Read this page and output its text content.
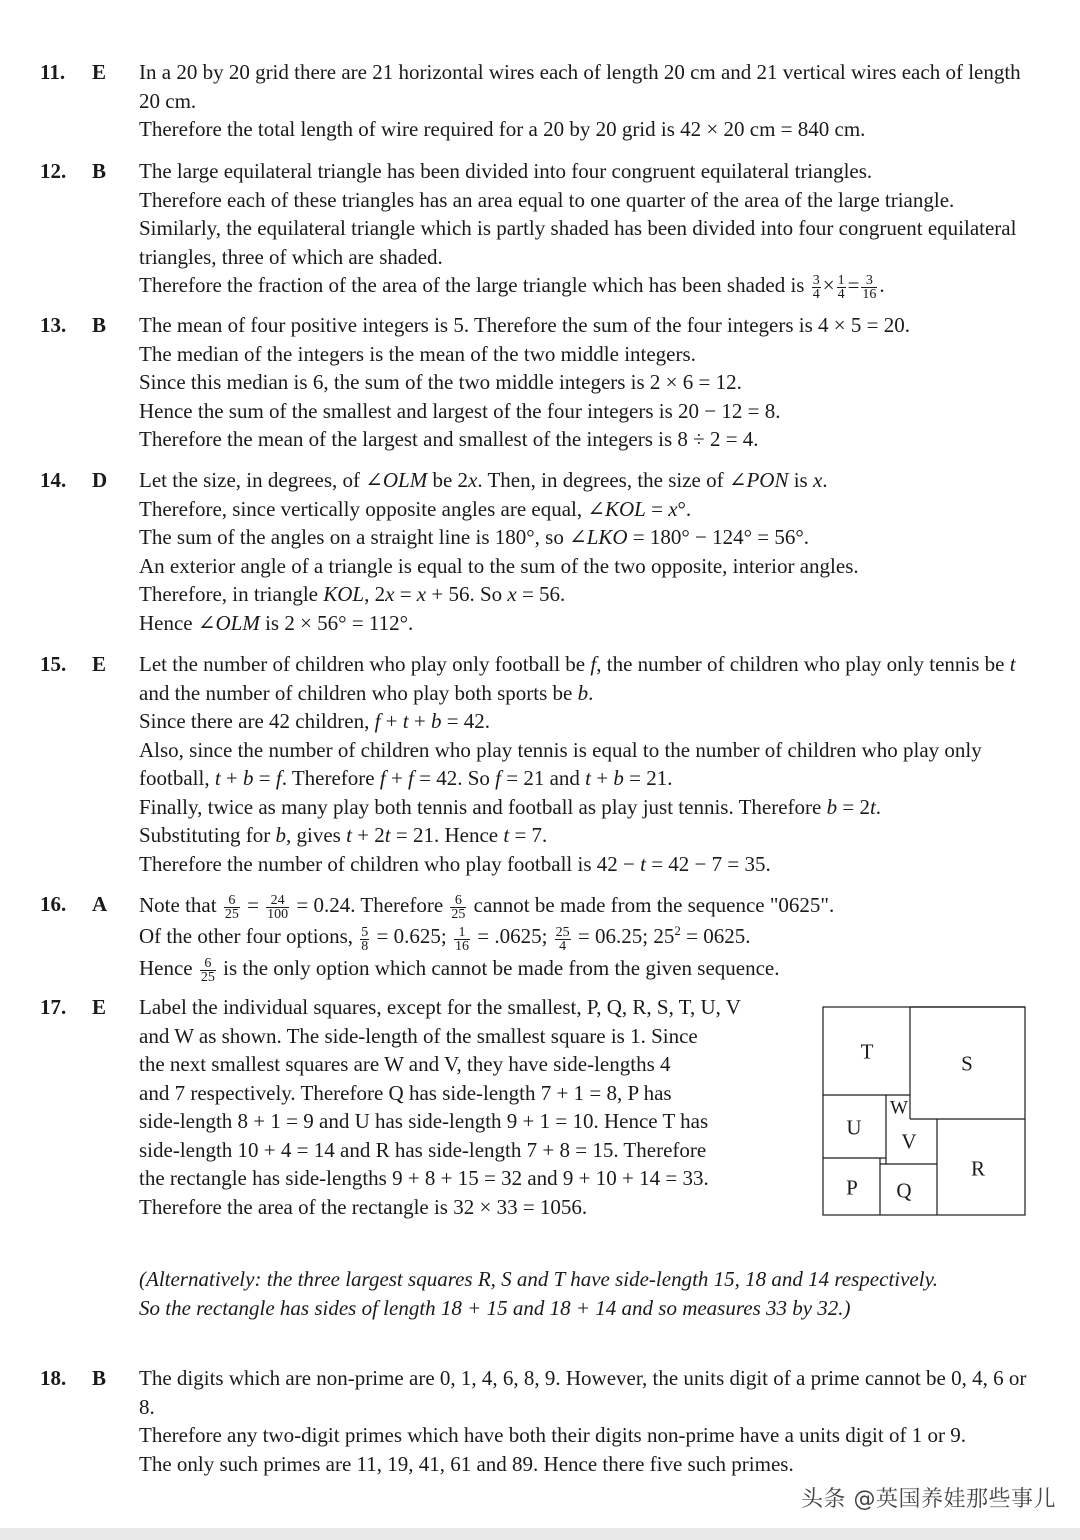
11.	E	In a 20 by 20 grid there are 21 horizontal wires each of length 20 cm and 21 vertical wires each of length 20 cm.
Therefore the total length of wire required for a 20 by 20 grid is 42 × 20 cm = 840 cm.
12.	B	The large equilateral triangle has been divided into four congruent equilateral triangles.
Therefore each of these triangles has an area equal to one quarter of the area of the large triangle.
Similarly, the equilateral triangle which is partly shaded has been divided into four congruent equilateral triangles, three of which are shaded.
Therefore the fraction of the area of the large triangle which has been shaded is $\frac{3}{4} \times \frac{1}{4} = \frac{3}{16}$ .
13.	B	The mean of four positive integers is 5. Therefore the sum of the four integers is 4 × 5 = 20.
The median of the integers is the mean of the two middle integers.
Since this median is 6, the sum of the two middle integers is 2 × 6 = 12.
Hence the sum of the smallest and largest of the four integers is 20 − 12 = 8.
Therefore the mean of the largest and smallest of the integers is 8 ÷ 2 = 4.
14.	D	Let the size, in degrees, of ∠OLM be 2x. Then, in degrees, the size of ∠PON is x.
Therefore, since vertically opposite angles are equal, ∠KOL = x°.
The sum of the angles on a straight line is 180°, so ∠LKO = 180° − 124° = 56°.
An exterior angle of a triangle is equal to the sum of the two opposite, interior angles.
Therefore, in triangle KOL, 2x = x + 56. So x = 56.
Hence ∠OLM is 2 × 56° = 112°.
15.	E	Let the number of children who play only football be f, the number of children who play only tennis be t and the number of children who play both sports be b.
Since there are 42 children, f + t + b = 42.
Also, since the number of children who play tennis is equal to the number of children who play only football, t + b = f. Therefore f + f = 42. So f = 21 and t + b = 21.
Finally, twice as many play both tennis and football as play just tennis. Therefore b = 2t.
Substituting for b, gives t + 2t = 21. Hence t = 7.
Therefore the number of children who play football is 42 − t = 42 − 7 = 35.
16.	A	Note that $\frac{6}{25} = \frac{24}{100} = 0.24$. Therefore $\frac{6}{25}$ cannot be made from the sequence "0625".
Of the other four options, $\frac{5}{8} = 0.625$; $\frac{1}{16} = .0625$; $\frac{25}{4} = 06.25$; $25^2 = 0625$.
Hence $\frac{6}{25}$ is the only option which cannot be made from the given sequence.
17.	E	Label the individual squares, except for the smallest, P, Q, R, S, T, U, V
and W as shown. The side-length of the smallest square is 1. Since
the next smallest squares are W and V, they have side-lengths 4
and 7 respectively. Therefore Q has side-length 7 + 1 = 8, P has
side-length 8 + 1 = 9 and U has side-length 9 + 1 = 10. Hence T has
side-length 10 + 4 = 14 and R has side-length 7 + 8 = 15. Therefore
the rectangle has side-lengths 9 + 8 + 15 = 32 and 9 + 10 + 14 = 33.
Therefore the area of the rectangle is 32 × 33 = 1056.
T	S
U
W
V
R
P Q
(Alternatively: the three largest squares R, S and T have side-length 15, 18 and 14 respectively.
So the rectangle has sides of length 18 + 15 and 18 + 14 and so measures 33 by 32.)
18.	B	The digits which are non-prime are 0, 1, 4, 6, 8, 9. However, the units digit of a prime cannot be 0, 4, 6 or 8.
Therefore any two-digit primes which have both their digits non-prime have a units digit of 1 or 9.
The only such primes are 11, 19, 41, 61 and 89. Hence there five such primes.
头条 @英国养娃那些事儿
